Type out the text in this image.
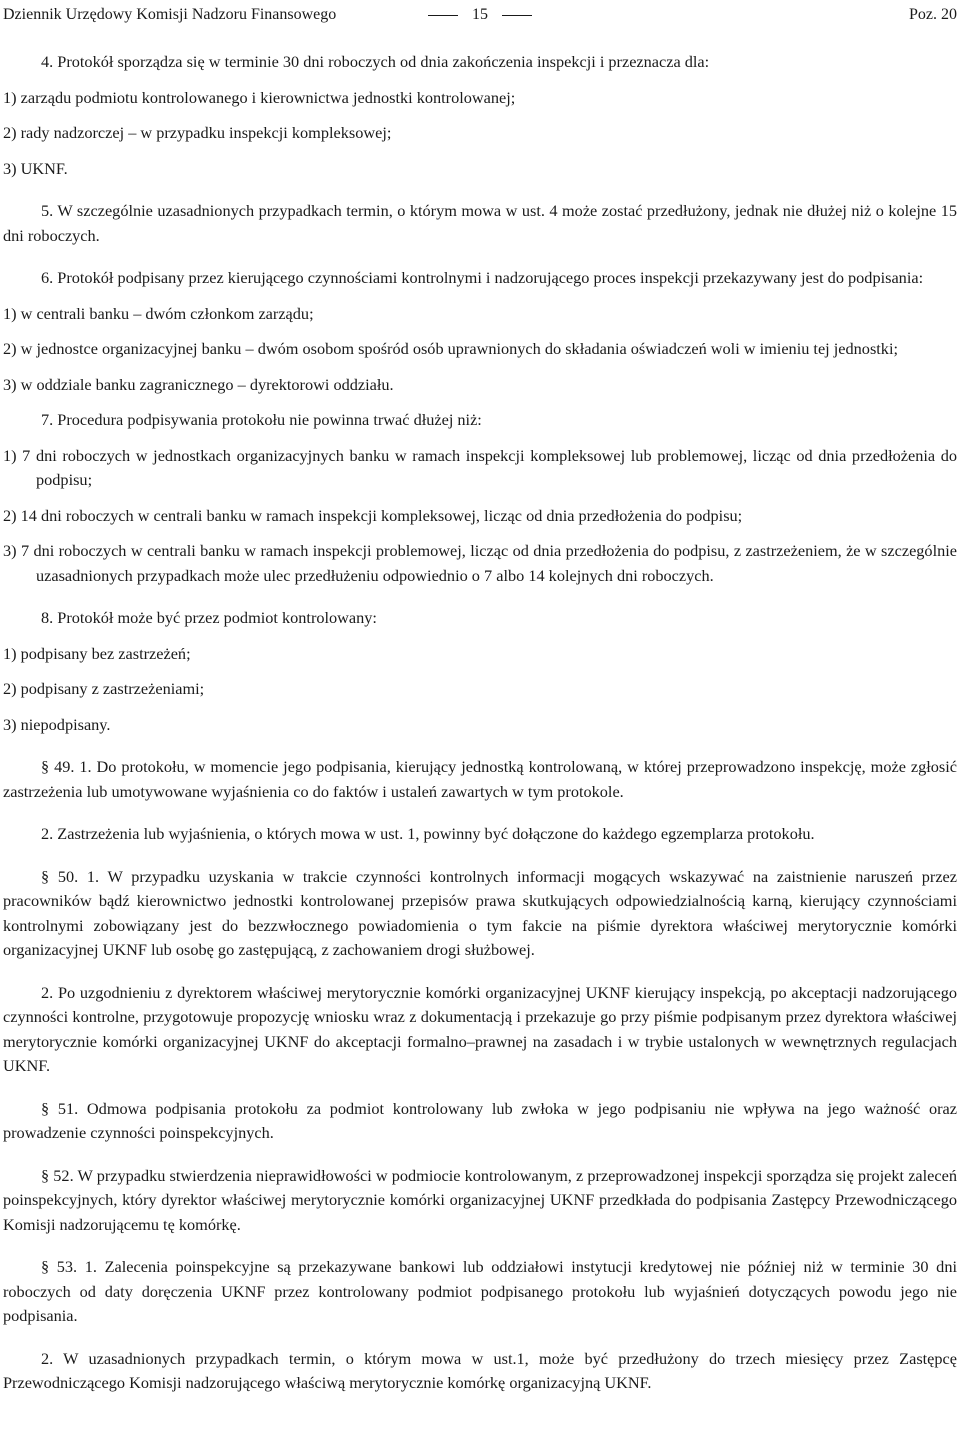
Dziennik Urzędowy Komisji Nadzoru Finansowego	15	Poz. 20

4. Protokół sporządza się w terminie 30 dni roboczych od dnia zakończenia inspekcji i przeznacza dla:

1) zarządu podmiotu kontrolowanego i kierownictwa jednostki kontrolowanej;

2) rady nadzorczej – w przypadku inspekcji kompleksowej;

3) UKNF.

5. W szczególnie uzasadnionych przypadkach termin, o którym mowa w ust. 4 może zostać przedłużony, jednak nie dłużej niż o kolejne 15 dni roboczych.

6. Protokół podpisany przez kierującego czynnościami kontrolnymi i nadzorującego proces inspekcji przekazywany jest do podpisania:

1) w centrali banku – dwóm członkom zarządu;

2) w jednostce organizacyjnej banku – dwóm osobom spośród osób uprawnionych do składania oświadczeń woli w imieniu tej jednostki;

3) w oddziale banku zagranicznego – dyrektorowi oddziału.

7. Procedura podpisywania protokołu nie powinna trwać dłużej niż:

1) 7 dni roboczych w jednostkach organizacyjnych banku w ramach inspekcji kompleksowej lub problemowej, licząc od dnia przedłożenia do podpisu;

2) 14 dni roboczych w centrali banku w ramach inspekcji kompleksowej, licząc od dnia przedłożenia do podpisu;

3) 7 dni roboczych w centrali banku w ramach inspekcji problemowej, licząc od dnia przedłożenia do podpisu, z zastrzeżeniem, że w szczególnie uzasadnionych przypadkach może ulec przedłużeniu odpowiednio o 7 albo 14 kolejnych dni roboczych.

8. Protokół może być przez podmiot kontrolowany:

1) podpisany bez zastrzeżeń;

2) podpisany z zastrzeżeniami;

3) niepodpisany.

§ 49. 1. Do protokołu, w momencie jego podpisania, kierujący jednostką kontrolowaną, w której przeprowadzono inspekcję, może zgłosić zastrzeżenia lub umotywowane wyjaśnienia co do faktów i ustaleń zawartych w tym protokole.

2. Zastrzeżenia lub wyjaśnienia, o których mowa w ust. 1, powinny być dołączone do każdego egzemplarza protokołu.

§ 50. 1. W przypadku uzyskania w trakcie czynności kontrolnych informacji mogących wskazywać na zaistnienie naruszeń przez pracowników bądź kierownictwo jednostki kontrolowanej przepisów prawa skutkujących odpowiedzialnością karną, kierujący czynnościami kontrolnymi zobowiązany jest do bezzwłocznego powiadomienia o tym fakcie na piśmie dyrektora właściwej merytorycznie komórki organizacyjnej UKNF lub osobę go zastępującą, z zachowaniem drogi służbowej.

2. Po uzgodnieniu z dyrektorem właściwej merytorycznie komórki organizacyjnej UKNF kierujący inspekcją, po akceptacji nadzorującego czynności kontrolne, przygotowuje propozycję wniosku wraz z dokumentacją i przekazuje go przy piśmie podpisanym przez dyrektora właściwej merytorycznie komórki organizacyjnej UKNF do akceptacji formalno–prawnej na zasadach i w trybie ustalonych w wewnętrznych regulacjach UKNF.

§ 51. Odmowa podpisania protokołu za podmiot kontrolowany lub zwłoka w jego podpisaniu nie wpływa na jego ważność oraz prowadzenie czynności poinspekcyjnych.

§ 52. W przypadku stwierdzenia nieprawidłowości w podmiocie kontrolowanym, z przeprowadzonej inspekcji sporządza się projekt zaleceń poinspekcyjnych, który dyrektor właściwej merytorycznie komórki organizacyjnej UKNF przedkłada do podpisania Zastępcy Przewodniczącego Komisji nadzorującemu tę komórkę.

§ 53. 1. Zalecenia poinspekcyjne są przekazywane bankowi lub oddziałowi instytucji kredytowej nie później niż w terminie 30 dni roboczych od daty doręczenia UKNF przez kontrolowany podmiot podpisanego protokołu lub wyjaśnień dotyczących powodu jego nie podpisania.

2. W uzasadnionych przypadkach termin, o którym mowa w ust.1, może być przedłużony do trzech miesięcy przez Zastępcę Przewodniczącego Komisji nadzorującego właściwą merytorycznie komórkę organizacyjną UKNF.
